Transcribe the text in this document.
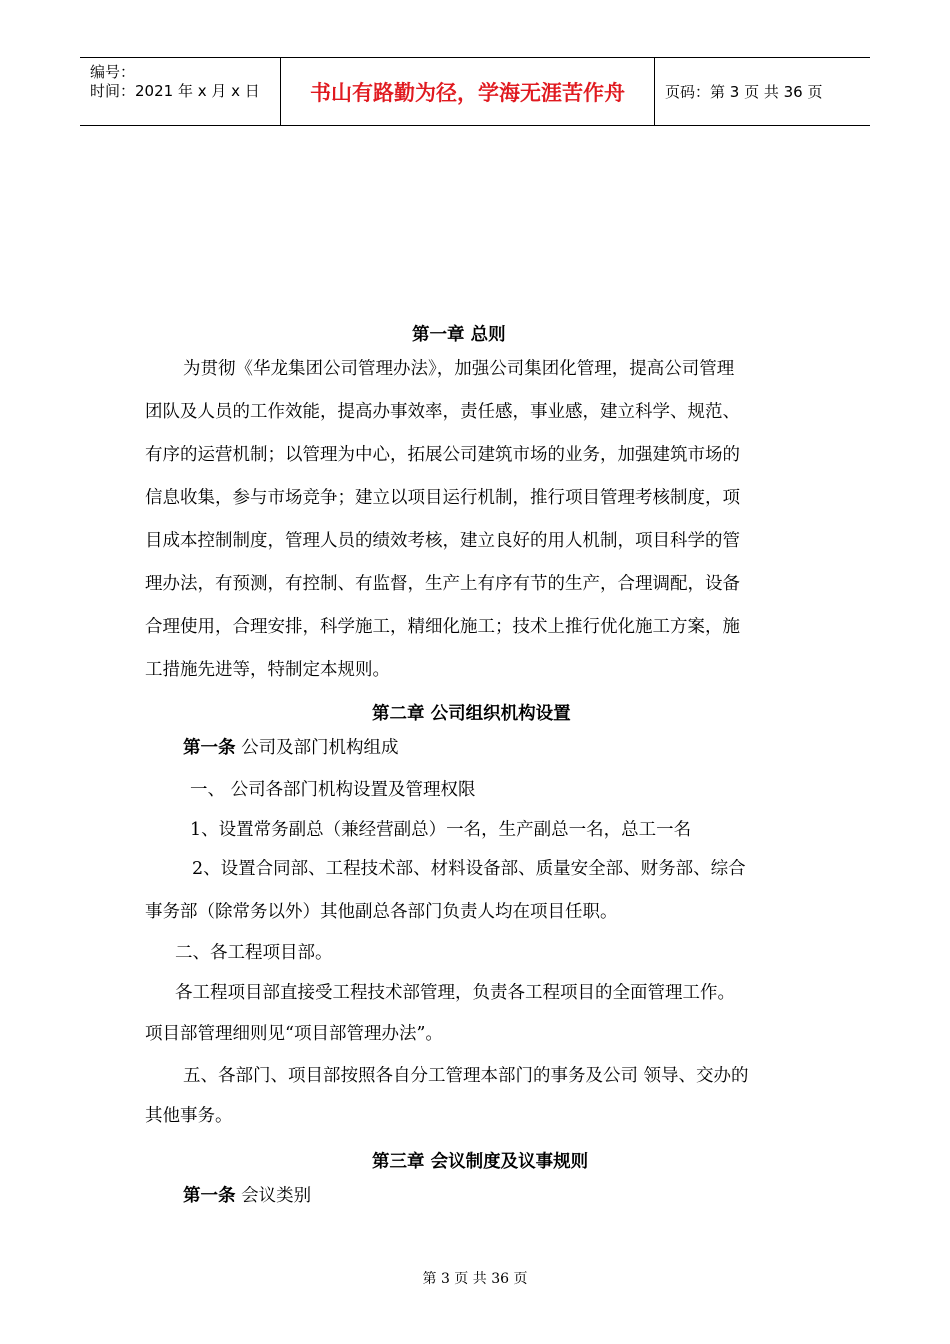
编号：
时间：2021 年 x 月 x 日	书山有路勤为径，学海无涯苦作舟	页码：第 3 页 共 36 页
第一章 总则
为贯彻《华龙集团公司管理办法》，加强公司集团化管理，提高公司管理
团队及人员的工作效能，提高办事效率，责任感，事业感，建立科学、规范、
有序的运营机制；以管理为中心，拓展公司建筑市场的业务，加强建筑市场的
信息收集，参与市场竞争；建立以项目运行机制，推行项目管理考核制度，项
目成本控制制度，管理人员的绩效考核，建立良好的用人机制，项目科学的管
理办法，有预测，有控制、有监督，生产上有序有节的生产，合理调配，设备
合理使用，合理安排，科学施工，精细化施工；技术上推行优化施工方案，施
工措施先进等，特制定本规则。
第二章 公司组织机构设置
第一条 公司及部门机构组成
一、 公司各部门机构设置及管理权限
1、设置常务副总（兼经营副总）一名，生产副总一名，总工一名
2、设置合同部、工程技术部、材料设备部、质量安全部、财务部、综合
事务部（除常务以外）其他副总各部门负责人均在项目任职。
二、各工程项目部。
各工程项目部直接受工程技术部管理，负责各工程项目的全面管理工作。
项目部管理细则见“项目部管理办法”。
五、各部门、项目部按照各自分工管理本部门的事务及公司 领导、交办的
其他事务。
第三章 会议制度及议事规则
第一条 会议类别
第 3 页 共 36 页
